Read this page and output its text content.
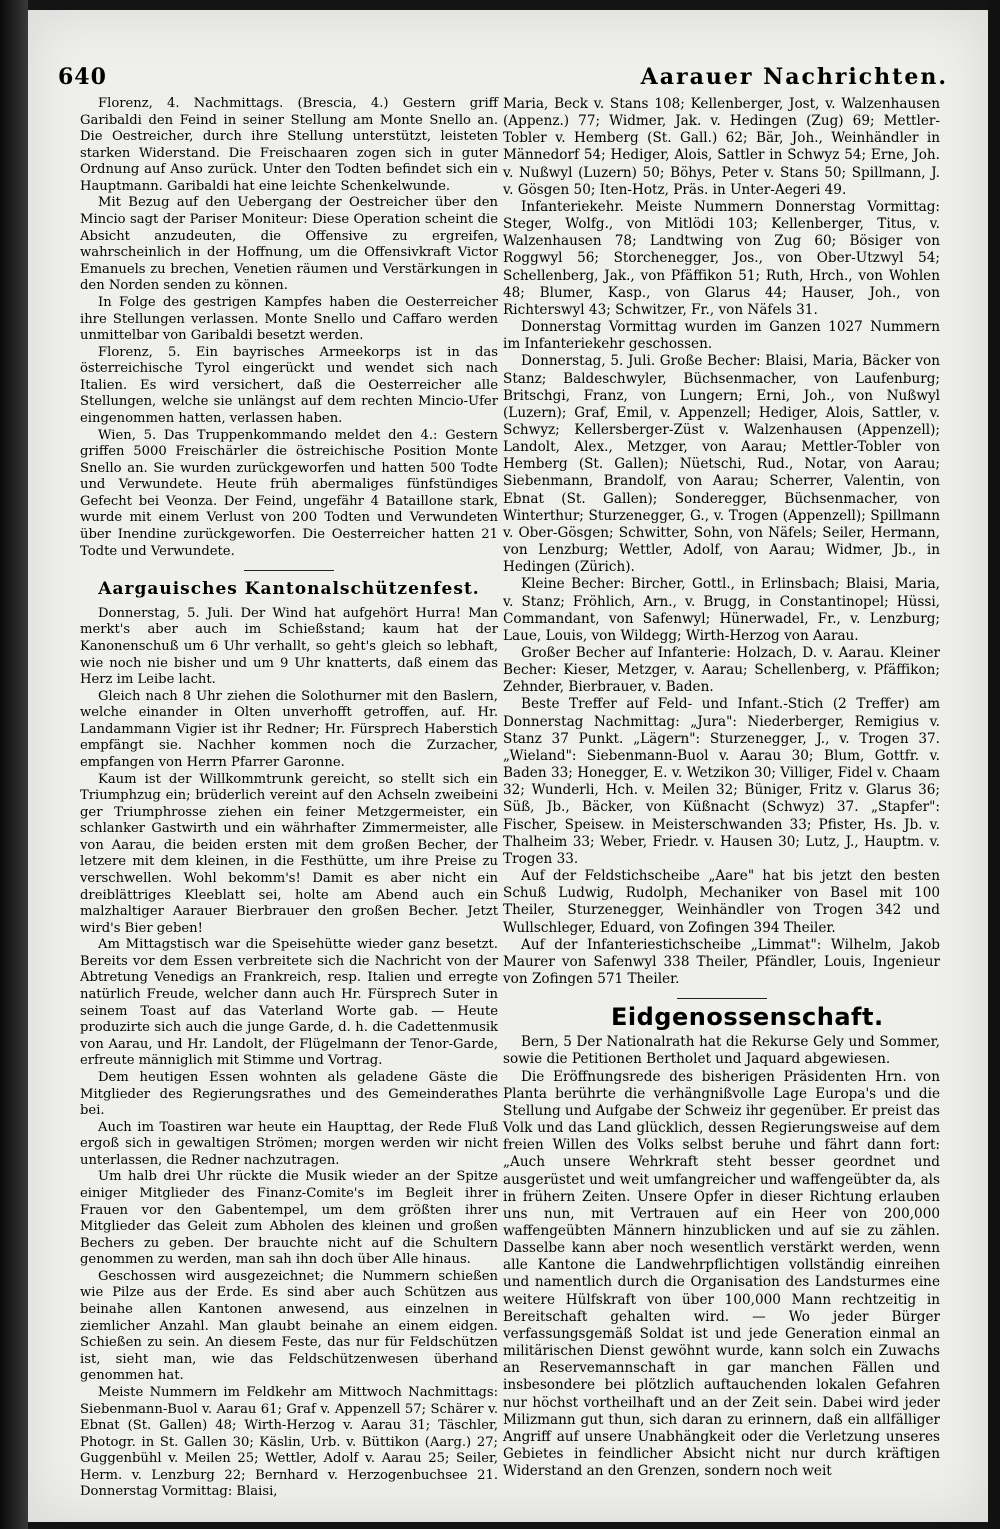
640	Aarauer Nachrichten.

Florenz, 4. Nachmittags. (Brescia, 4.) Gestern griff Garibaldi den Feind in seiner Stellung am Monte Snello an. Die Oestreicher, durch ihre Stellung unterstützt, leisteten starken Widerstand. Die Freischaaren zogen sich in guter Ordnung auf Anso zurück. Unter den Todten befindet sich ein Hauptmann. Garibaldi hat eine leichte Schenkelwunde.

Mit Bezug auf den Uebergang der Oestreicher über den Mincio sagt der Pariser Moniteur: Diese Operation scheint die Absicht anzudeuten, die Offensive zu ergreifen, wahrscheinlich in der Hoffnung, um die Offensivkraft Victor Emanuels zu brechen, Venetien räumen und Verstärkungen in den Norden senden zu können.

In Folge des gestrigen Kampfes haben die Oesterreicher ihre Stellungen verlassen. Monte Snello und Caffaro werden unmittelbar von Garibaldi besetzt werden.

Florenz, 5. Ein bayrisches Armeekorps ist in das österreichische Tyrol eingerückt und wendet sich nach Italien. Es wird versichert, daß die Oesterreicher alle Stellungen, welche sie unlängst auf dem rechten Mincio-Ufer eingenommen hatten, verlassen haben.

Wien, 5. Das Truppenkommando meldet den 4.: Gestern griffen 5000 Freischärler die östreichische Position Monte Snello an. Sie wurden zurückgeworfen und hatten 500 Todte und Verwundete. Heute früh abermaliges fünfstündiges Gefecht bei Veonza. Der Feind, ungefähr 4 Bataillone stark, wurde mit einem Verlust von 200 Todten und Verwundeten über Inendine zurückgeworfen. Die Oesterreicher hatten 21 Todte und Verwundete.

Aargauisches Kantonalschützenfest.

Donnerstag, 5. Juli. Der Wind hat aufgehört Hurra! Man merkt's aber auch im Schießstand; kaum hat der Kanonenschuß um 6 Uhr verhallt, so geht's gleich so lebhaft, wie noch nie bisher und um 9 Uhr knatterts, daß einem das Herz im Leibe lacht.

Gleich nach 8 Uhr ziehen die Solothurner mit den Baslern, welche einander in Olten unverhofft getroffen, auf. Hr. Landammann Vigier ist ihr Redner; Hr. Fürsprech Haberstich empfängt sie. Nachher kommen noch die Zurzacher, empfangen von Herrn Pfarrer Garonne.

Kaum ist der Willkommtrunk gereicht, so stellt sich ein Triumphzug ein; brüderlich vereint auf den Achseln zweibeini ger Triumphrosse ziehen ein feiner Metzgermeister, ein schlanker Gastwirth und ein währhafter Zimmermeister, alle von Aarau, die beiden ersten mit dem großen Becher, der letzere mit dem kleinen, in die Festhütte, um ihre Preise zu verschwellen. Wohl bekomm's! Damit es aber nicht ein dreiblättriges Kleeblatt sei, holte am Abend auch ein malzhaltiger Aarauer Bierbrauer den großen Becher. Jetzt wird's Bier geben!

Am Mittagstisch war die Speisehütte wieder ganz besetzt. Bereits vor dem Essen verbreitete sich die Nachricht von der Abtretung Venedigs an Frankreich, resp. Italien und erregte natürlich Freude, welcher dann auch Hr. Fürsprech Suter in seinem Toast auf das Vaterland Worte gab. — Heute produzirte sich auch die junge Garde, d. h. die Cadettenmusik von Aarau, und Hr. Landolt, der Flügelmann der Tenor-Garde, erfreute männiglich mit Stimme und Vortrag.

Dem heutigen Essen wohnten als geladene Gäste die Mitglieder des Regierungsrathes und des Gemeinderathes bei.

Auch im Toastiren war heute ein Haupttag, der Rede Fluß ergoß sich in gewaltigen Strömen; morgen werden wir nicht unterlassen, die Redner nachzutragen.

Um halb drei Uhr rückte die Musik wieder an der Spitze einiger Mitglieder des Finanz-Comite's im Begleit ihrer Frauen vor den Gabentempel, um dem größten ihrer Mitglieder das Geleit zum Abholen des kleinen und großen Bechers zu geben. Der brauchte nicht auf die Schultern genommen zu werden, man sah ihn doch über Alle hinaus.

Geschossen wird ausgezeichnet; die Nummern schießen wie Pilze aus der Erde. Es sind aber auch Schützen aus beinahe allen Kantonen anwesend, aus einzelnen in ziemlicher Anzahl. Man glaubt beinahe an einem eidgen. Schießen zu sein. An diesem Feste, das nur für Feldschützen ist, sieht man, wie das Feldschützenwesen überhand genommen hat.

Meiste Nummern im Feldkehr am Mittwoch Nachmittags: Siebenmann-Buol v. Aarau 61; Graf v. Appenzell 57; Schärer v. Ebnat (St. Gallen) 48; Wirth-Herzog v. Aarau 31; Täschler, Photogr. in St. Gallen 30; Käslin, Urb. v. Büttikon (Aarg.) 27; Guggenbühl v. Meilen 25; Wettler, Adolf v. Aarau 25; Seiler, Herm. v. Lenzburg 22; Bernhard v. Herzogenbuchsee 21. Donnerstag Vormittag: Blaisi,

Maria, Beck v. Stans 108; Kellenberger, Jost, v. Walzenhausen (Appenz.) 77; Widmer, Jak. v. Hedingen (Zug) 69; Mettler-Tobler v. Hemberg (St. Gall.) 62; Bär, Joh., Weinhändler in Männedorf 54; Hediger, Alois, Sattler in Schwyz 54; Erne, Joh. v. Nußwyl (Luzern) 50; Böhys, Peter v. Stans 50; Spillmann, J. v. Gösgen 50; Iten-Hotz, Präs. in Unter-Aegeri 49.

Infanteriekehr. Meiste Nummern Donnerstag Vormittag: Steger, Wolfg., von Mitlödi 103; Kellenberger, Titus, v. Walzenhausen 78; Landtwing von Zug 60; Bösiger von Roggwyl 56; Storchenegger, Jos., von Ober-Utzwyl 54; Schellenberg, Jak., von Pfäffikon 51; Ruth, Hrch., von Wohlen 48; Blumer, Kasp., von Glarus 44; Hauser, Joh., von Richterswyl 43; Schwitzer, Fr., von Näfels 31.

Donnerstag Vormittag wurden im Ganzen 1027 Nummern im Infanteriekehr geschossen.

Donnerstag, 5. Juli. Große Becher: Blaisi, Maria, Bäcker von Stanz; Baldeschwyler, Büchsenmacher, von Laufenburg; Britschgi, Franz, von Lungern; Erni, Joh., von Nußwyl (Luzern); Graf, Emil, v. Appenzell; Hediger, Alois, Sattler, v. Schwyz; Kellersberger-Züst v. Walzenhausen (Appenzell); Landolt, Alex., Metzger, von Aarau; Mettler-Tobler von Hemberg (St. Gallen); Nüetschi, Rud., Notar, von Aarau; Siebenmann, Brandolf, von Aarau; Scherrer, Valentin, von Ebnat (St. Gallen); Sonderegger, Büchsenmacher, von Winterthur; Sturzenegger, G., v. Trogen (Appenzell); Spillmann v. Ober-Gösgen; Schwitter, Sohn, von Näfels; Seiler, Hermann, von Lenzburg; Wettler, Adolf, von Aarau; Widmer, Jb., in Hedingen (Zürich).

Kleine Becher: Bircher, Gottl., in Erlinsbach; Blaisi, Maria, v. Stanz; Fröhlich, Arn., v. Brugg, in Constantinopel; Hüssi, Commandant, von Safenwyl; Hünerwadel, Fr., v. Lenzburg; Laue, Louis, von Wildegg; Wirth-Herzog von Aarau.

Großer Becher auf Infanterie: Holzach, D. v. Aarau. Kleiner Becher: Kieser, Metzger, v. Aarau; Schellenberg, v. Pfäffikon; Zehnder, Bierbrauer, v. Baden.

Beste Treffer auf Feld- und Infant.-Stich (2 Treffer) am Donnerstag Nachmittag: „Jura": Niederberger, Remigius v. Stanz 37 Punkt. „Lägern": Sturzenegger, J., v. Trogen 37. „Wieland": Siebenmann-Buol v. Aarau 30; Blum, Gottfr. v. Baden 33; Honegger, E. v. Wetzikon 30; Villiger, Fidel v. Chaam 32; Wunderli, Hch. v. Meilen 32; Büniger, Fritz v. Glarus 36; Süß, Jb., Bäcker, von Küßnacht (Schwyz) 37. „Stapfer": Fischer, Speisew. in Meisterschwanden 33; Pfister, Hs. Jb. v. Thalheim 33; Weber, Friedr. v. Hausen 30; Lutz, J., Hauptm. v. Trogen 33.

Auf der Feldstichscheibe „Aare" hat bis jetzt den besten Schuß Ludwig, Rudolph, Mechaniker von Basel mit 100 Theiler, Sturzenegger, Weinhändler von Trogen 342 und Wullschleger, Eduard, von Zofingen 394 Theiler.

Auf der Infanteriestichscheibe „Limmat": Wilhelm, Jakob Maurer von Safenwyl 338 Theiler, Pfändler, Louis, Ingenieur von Zofingen 571 Theiler.

Eidgenossenschaft.

Bern, 5 Der Nationalrath hat die Rekurse Gely und Sommer, sowie die Petitionen Bertholet und Jaquard abgewiesen.

Die Eröffnungsrede des bisherigen Präsidenten Hrn. von Planta berührte die verhängnißvolle Lage Europa's und die Stellung und Aufgabe der Schweiz ihr gegenüber. Er preist das Volk und das Land glücklich, dessen Regierungsweise auf dem freien Willen des Volks selbst beruhe und fährt dann fort: „Auch unsere Wehrkraft steht besser geordnet und ausgerüstet und weit umfangreicher und waffengeübter da, als in frühern Zeiten. Unsere Opfer in dieser Richtung erlauben uns nun, mit Vertrauen auf ein Heer von 200,000 waffengeübten Männern hinzublicken und auf sie zu zählen. Dasselbe kann aber noch wesentlich verstärkt werden, wenn alle Kantone die Landwehrpflichtigen vollständig einreihen und namentlich durch die Organisation des Landsturmes eine weitere Hülfskraft von über 100,000 Mann rechtzeitig in Bereitschaft gehalten wird. — Wo jeder Bürger verfassungsgemäß Soldat ist und jede Generation einmal an militärischen Dienst gewöhnt wurde, kann solch ein Zuwachs an Reservemannschaft in gar manchen Fällen und insbesondere bei plötzlich auftauchenden lokalen Gefahren nur höchst vortheilhaft und an der Zeit sein. Dabei wird jeder Milizmann gut thun, sich daran zu erinnern, daß ein allfälliger Angriff auf unsere Unabhängkeit oder die Verletzung unseres Gebietes in feindlicher Absicht nicht nur durch kräftigen Widerstand an den Grenzen, sondern noch weit
